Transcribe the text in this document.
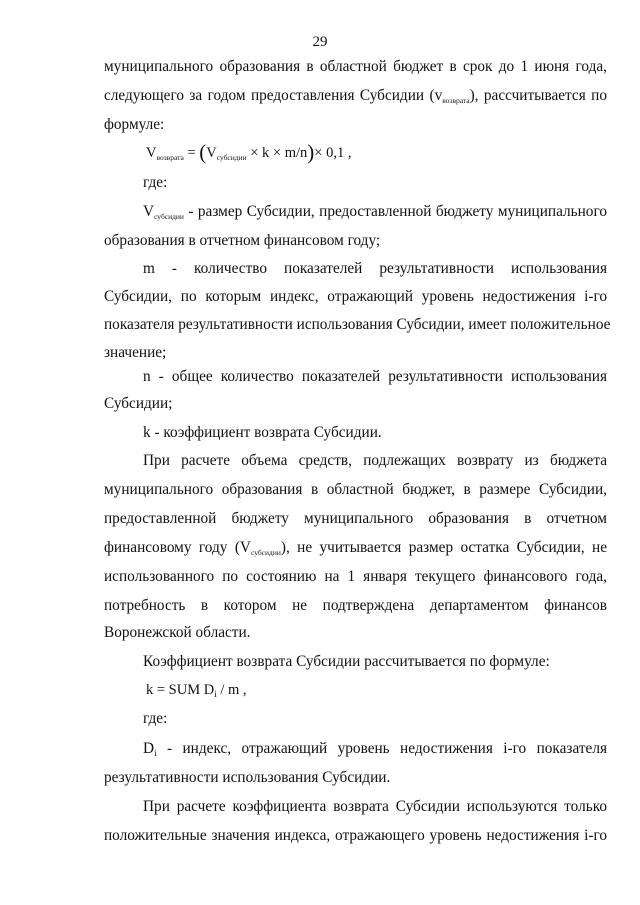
29
муниципального образования в областной бюджет в срок до 1 июня года,
следующего за годом предоставления Субсидии (vвозврата), рассчитывается по
формуле:
$V_{возврата} = (V_{субсидии} \times k \times m/n)\times 0,1$ ,
где:
Vсубсидии - размер Субсидии, предоставленной бюджету муниципального
образования в отчетном финансовом году;
m - количество показателей результативности использования
Субсидии, по которым индекс, отражающий уровень недостижения i-го
показателя результативности использования Субсидии, имеет положительное
значение;
n - общее количество показателей результативности использования
Субсидии;
k - коэффициент возврата Субсидии.
При расчете объема средств, подлежащих возврату из бюджета
муниципального образования в областной бюджет, в размере Субсидии,
предоставленной бюджету муниципального образования в отчетном
финансовому году (Vсубсидии), не учитывается размер остатка Субсидии, не
использованного по состоянию на 1 января текущего финансового года,
потребность в котором не подтверждена департаментом финансов
Воронежской области.
Коэффициент возврата Субсидии рассчитывается по формуле:
k = SUM $D_i$ / m ,
где:
Di - индекс, отражающий уровень недостижения i-го показателя
результативности использования Субсидии.
При расчете коэффициента возврата Субсидии используются только
положительные значения индекса, отражающего уровень недостижения i-го
